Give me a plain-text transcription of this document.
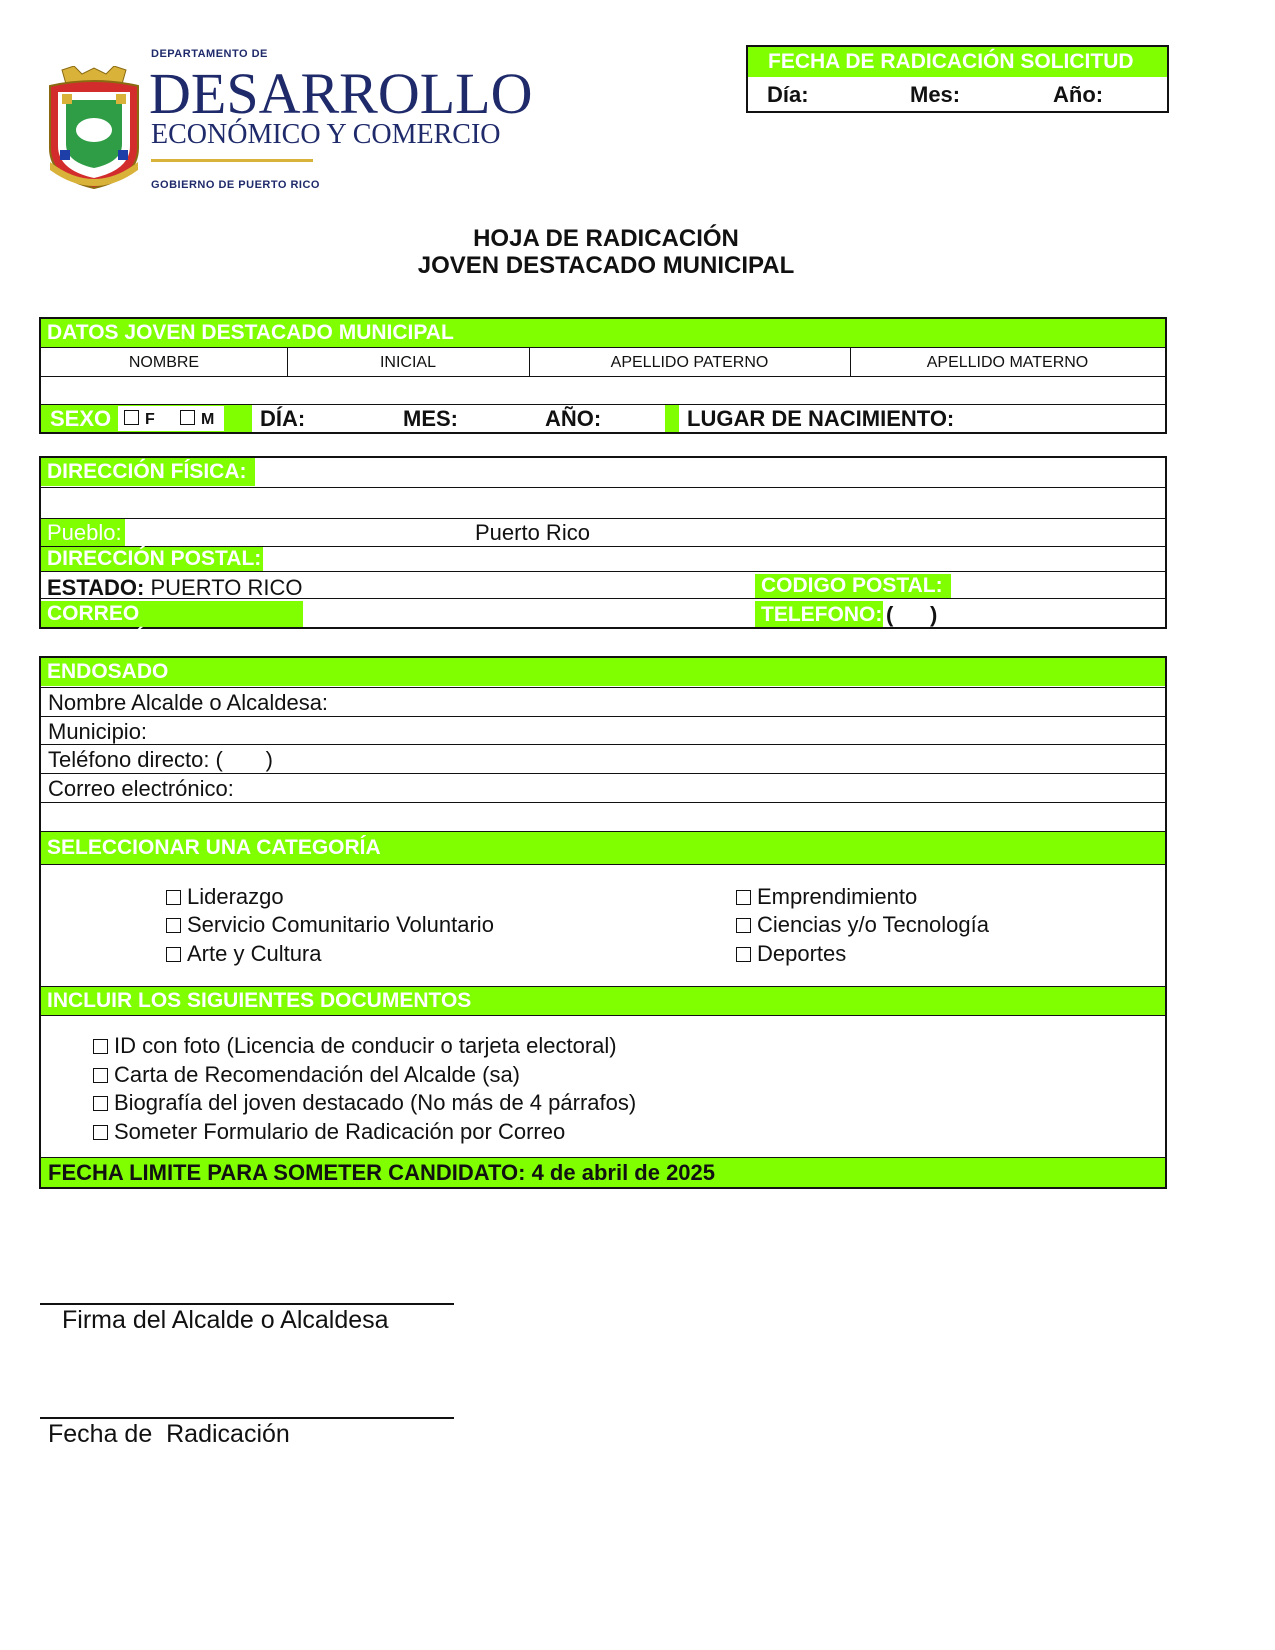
DEPARTAMENTO DE
DESARROLLO
ECONÓMICO Y COMERCIO
GOBIERNO DE PUERTO RICO
FECHA DE RADICACIÓN SOLICITUD
Día:	Mes:	Año:
HOJA DE RADICACIÓN
JOVEN DESTACADO MUNICIPAL
DATOS JOVEN DESTACADO MUNICIPAL
NOMBRE	INICIAL	APELLIDO PATERNO	APELLIDO MATERNO
SEXO	F	M DÍA:	MES:	AÑO:	LUGAR DE NACIMIENTO:
DIRECCIÓN FÍSICA:
Pueblo:	Puerto Rico
DIRECCIÓN POSTAL:
ESTADO: PUERTO RICO	CODIGO POSTAL:
CORREO ELECTRÓNICO:
TELEFONO: (      )
ENDOSADO
Nombre Alcalde o Alcaldesa:
Municipio:
Teléfono directo: (       )
Correo electrónico:
SELECCIONAR UNA CATEGORÍA
Liderazgo
Servicio Comunitario Voluntario
Arte y Cultura
Emprendimiento
Ciencias y/o Tecnología
Deportes
INCLUIR LOS SIGUIENTES DOCUMENTOS
ID con foto (Licencia de conducir o tarjeta electoral)
Carta de Recomendación del Alcalde (sa)
Biografía del joven destacado (No más de 4 párrafos)
Someter Formulario de Radicación por Correo
FECHA LIMITE PARA SOMETER CANDIDATO: 4 de abril de 2025
Firma del Alcalde o Alcaldesa
Fecha de  Radicación
